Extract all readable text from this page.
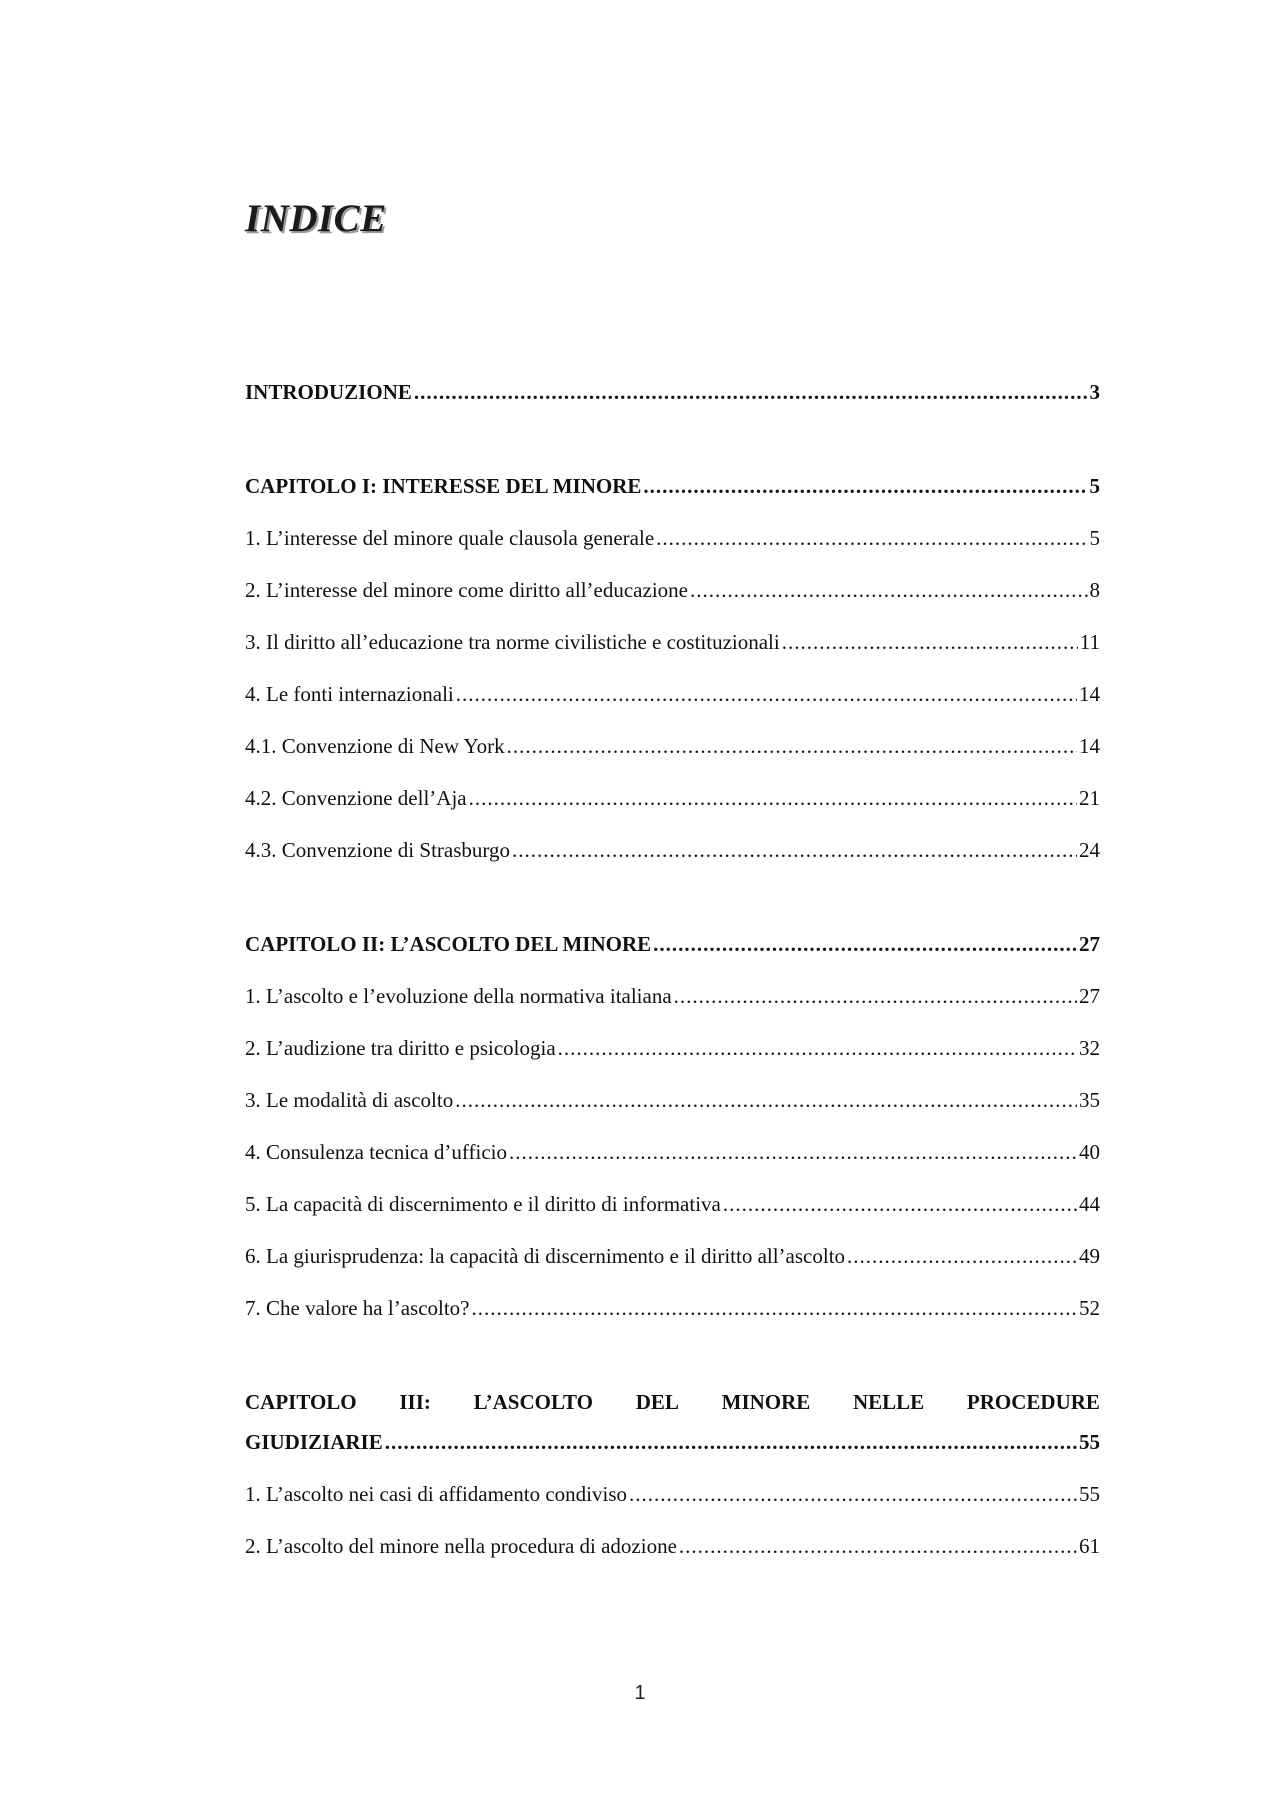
INDICE
INTRODUZIONE .....	3
CAPITOLO I: INTERESSE DEL MINORE .....	5
1. L’interesse del minore quale clausola generale .....	5
2. L’interesse del minore come diritto all’educazione .....	8
3. Il diritto all’educazione tra norme civilistiche e costituzionali .....	11
4. Le fonti internazionali .....	14
4.1. Convenzione di New York .....	14
4.2. Convenzione dell’Aja .....	21
4.3. Convenzione di Strasburgo .....	24
CAPITOLO II: L’ASCOLTO DEL MINORE .....	27
1. L’ascolto e l’evoluzione della normativa italiana .....	27
2. L’audizione tra diritto e psicologia .....	32
3. Le modalità di ascolto .....	35
4. Consulenza tecnica d’ufficio .....	40
5. La capacità di discernimento e il diritto di informativa .....	44
6. La giurisprudenza: la capacità di discernimento e il diritto all’ascolto .....	49
7. Che valore ha l’ascolto? .....	52
CAPITOLO III: L’ASCOLTO DEL MINORE NELLE PROCEDURE
GIUDIZIARIE .....	55
1. L’ascolto nei casi di affidamento condiviso .....	55
2. L’ascolto del minore nella procedura di adozione .....	61
1
